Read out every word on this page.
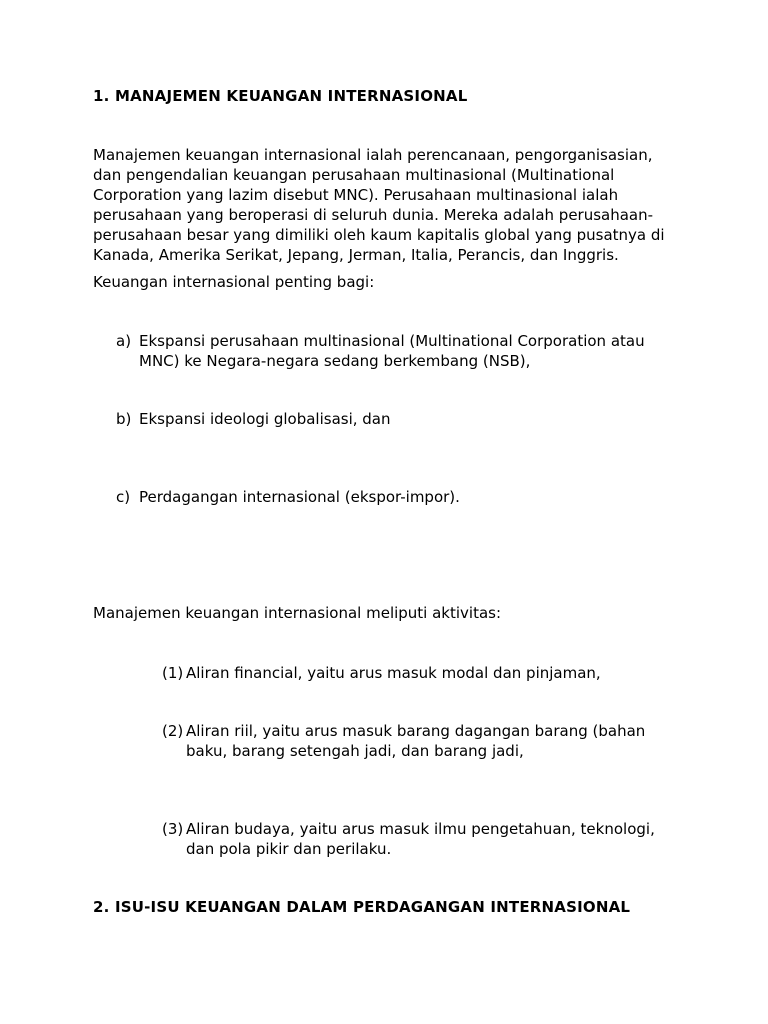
1. MANAJEMEN KEUANGAN INTERNASIONAL

Manajemen keuangan internasional ialah perencanaan, pengorganisasian, dan pengendalian keuangan perusahaan multinasional (Multinational Corporation yang lazim disebut MNC). Perusahaan multinasional ialah perusahaan yang beroperasi di seluruh dunia. Mereka adalah perusahaan-perusahaan besar yang dimiliki oleh kaum kapitalis global yang pusatnya di Kanada, Amerika Serikat, Jepang, Jerman, Italia, Perancis, dan Inggris.

Keuangan internasional penting bagi:

a) Ekspansi perusahaan multinasional (Multinational Corporation atau MNC) ke Negara-negara sedang berkembang (NSB),
b) Ekspansi ideologi globalisasi, dan
c) Perdagangan internasional (ekspor-impor).

Manajemen keuangan internasional meliputi aktivitas:

(1) Aliran financial, yaitu arus masuk modal dan pinjaman,
(2) Aliran riil, yaitu arus masuk barang dagangan barang (bahan baku, barang setengah jadi, dan barang jadi,
(3) Aliran budaya, yaitu arus masuk ilmu pengetahuan, teknologi, dan pola pikir dan perilaku.
2. ISU-ISU KEUANGAN DALAM PERDAGANGAN INTERNASIONAL
